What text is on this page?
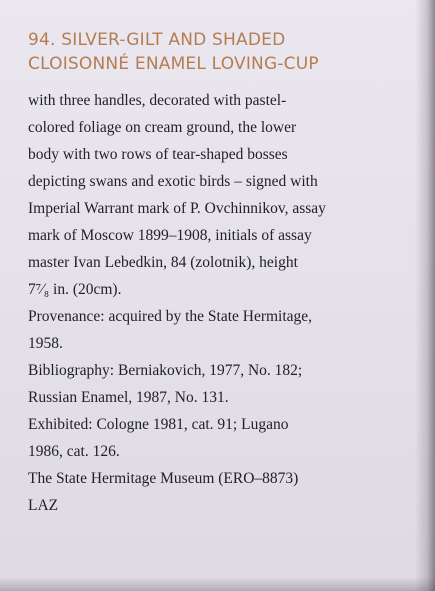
94. SILVER-GILT AND SHADED
CLOISONNÉ ENAMEL LOVING-CUP
with three handles, decorated with pastel-
colored foliage on cream ground, the lower
body with two rows of tear-shaped bosses
depicting swans and exotic birds – signed with
Imperial Warrant mark of P. Ovchinnikov, assay
mark of Moscow 1899–1908, initials of assay
master Ivan Lebedkin, 84 (zolotnik), height
7⁷⁄₈ in. (20cm).
Provenance: acquired by the State Hermitage,
1958.
Bibliography: Berniakovich, 1977, No. 182;
Russian Enamel, 1987, No. 131.
Exhibited: Cologne 1981, cat. 91; Lugano
1986, cat. 126.
The State Hermitage Museum (ERO–8873)
LAZ
